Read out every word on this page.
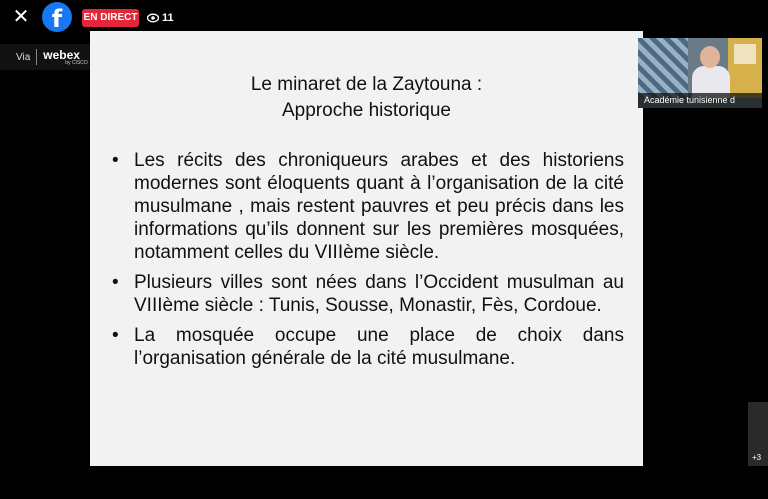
✕ f	EN DIRECT 11
Via webex
by CISCO
Le minaret de la Zaytouna :
Approche historique
• Les récits des chroniqueurs arabes et des historiens modernes sont éloquents quant à l’organisation de la cité musulmane , mais restent pauvres et peu précis dans les informations qu’ils donnent sur les premières mosquées, notamment celles du VIIIème siècle.
• Plusieurs villes sont nées dans l’Occident musulman au VIIIème siècle : Tunis, Sousse, Monastir, Fès, Cordoue.
• La mosquée occupe une place de choix dans l’organisation générale de la cité musulmane.
Académie tunisienne d
+3
